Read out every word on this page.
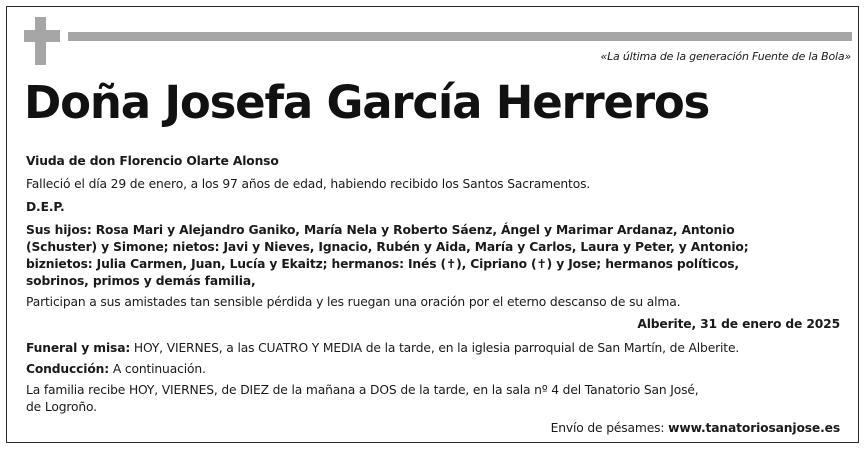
«La última de la generación Fuente de la Bola»
Doña Josefa García Herreros
Viuda de don Florencio Olarte Alonso
Falleció el día 29 de enero, a los 97 años de edad, habiendo recibido los Santos Sacramentos.
D.E.P.
Sus hijos: Rosa Mari y Alejandro Ganiko, María Nela y Roberto Sáenz, Ángel y Marimar Ardanaz, Antonio
(Schuster) y Simone; nietos: Javi y Nieves, Ignacio, Rubén y Aida, María y Carlos, Laura y Peter, y Antonio;
biznietos: Julia Carmen, Juan, Lucía y Ekaitz; hermanos: Inés (✝), Cipriano (✝) y Jose; hermanos políticos,
sobrinos, primos y demás familia,
Participan a sus amistades tan sensible pérdida y les ruegan una oración por el eterno descanso de su alma.
Alberite, 31 de enero de 2025
Funeral y misa: HOY, VIERNES, a las CUATRO Y MEDIA de la tarde, en la iglesia parroquial de San Martín, de Alberite.
Conducción: A continuación.
La familia recibe HOY, VIERNES, de DIEZ de la mañana a DOS de la tarde, en la sala nº 4 del Tanatorio San José,
de Logroño.
Envío de pésames: www.tanatoriosanjose.es
